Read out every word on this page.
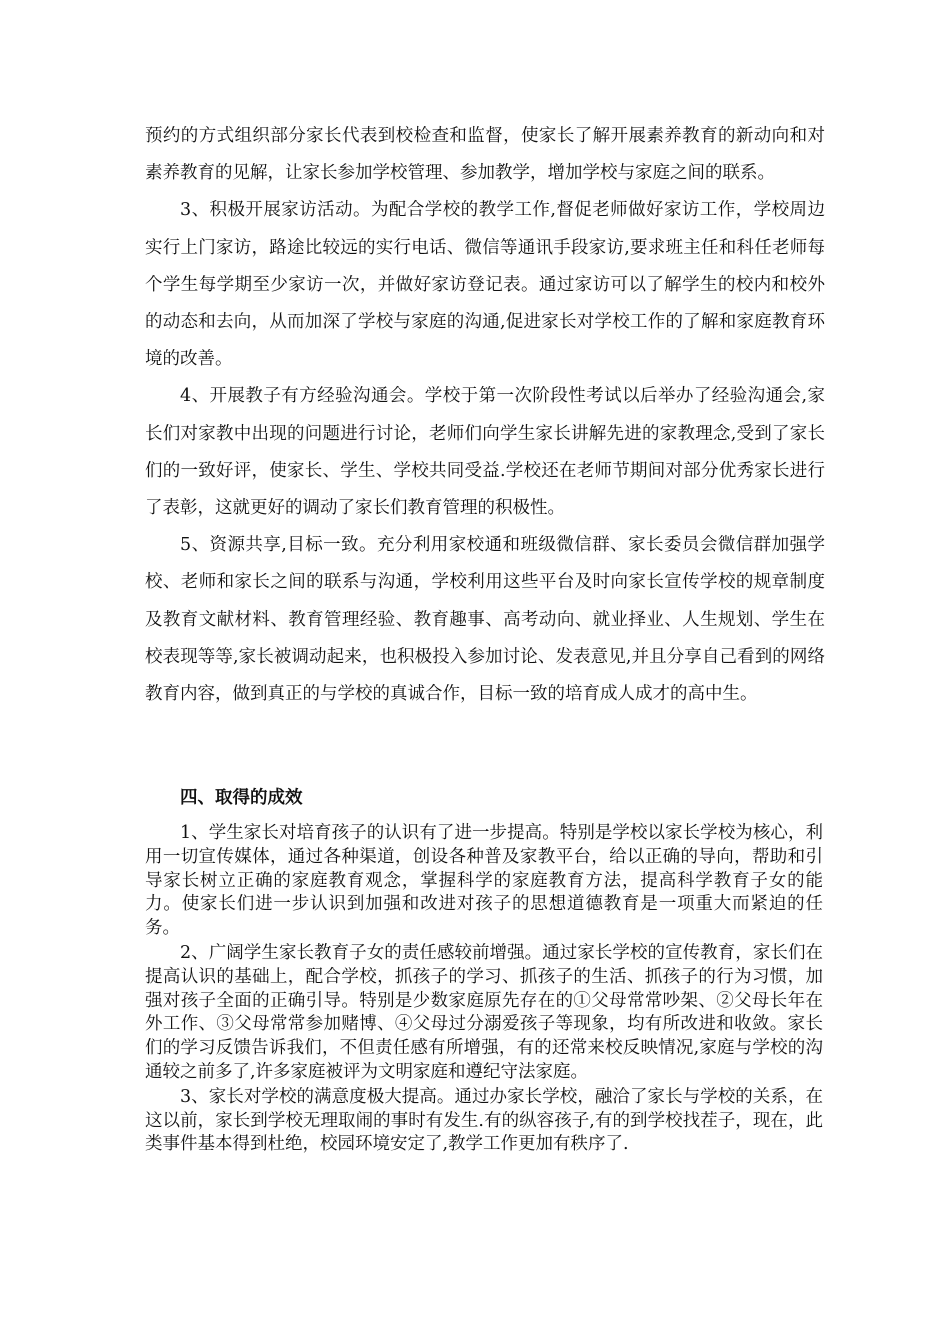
预约的方式组织部分家长代表到校检查和监督，使家长了解开展素养教育的新动向和对素养教育的见解，让家长参加学校管理、参加教学，增加学校与家庭之间的联系。

3、积极开展家访活动。为配合学校的教学工作,督促老师做好家访工作，学校周边实行上门家访，路途比较远的实行电话、微信等通讯手段家访,要求班主任和科任老师每个学生每学期至少家访一次，并做好家访登记表。通过家访可以了解学生的校内和校外的动态和去向，从而加深了学校与家庭的沟通,促进家长对学校工作的了解和家庭教育环境的改善。

4、开展教子有方经验沟通会。学校于第一次阶段性考试以后举办了经验沟通会,家长们对家教中出现的问题进行讨论，老师们向学生家长讲解先进的家教理念,受到了家长们的一致好评，使家长、学生、学校共同受益.学校还在老师节期间对部分优秀家长进行了表彰，这就更好的调动了家长们教育管理的积极性。

5、资源共享,目标一致。充分利用家校通和班级微信群、家长委员会微信群加强学校、老师和家长之间的联系与沟通，学校利用这些平台及时向家长宣传学校的规章制度及教育文献材料、教育管理经验、教育趣事、高考动向、就业择业、人生规划、学生在校表现等等,家长被调动起来，也积极投入参加讨论、发表意见,并且分享自己看到的网络教育内容，做到真正的与学校的真诚合作，目标一致的培育成人成才的高中生。

四、取得的成效

1、学生家长对培育孩子的认识有了进一步提高。特别是学校以家长学校为核心，利用一切宣传媒体，通过各种渠道，创设各种普及家教平台，给以正确的导向，帮助和引导家长树立正确的家庭教育观念，掌握科学的家庭教育方法，提高科学教育子女的能力。使家长们进一步认识到加强和改进对孩子的思想道德教育是一项重大而紧迫的任务。

2、广阔学生家长教育子女的责任感较前增强。通过家长学校的宣传教育，家长们在提高认识的基础上，配合学校，抓孩子的学习、抓孩子的生活、抓孩子的行为习惯，加强对孩子全面的正确引导。特别是少数家庭原先存在的①父母常常吵架、②父母长年在外工作、③父母常常参加赌博、④父母过分溺爱孩子等现象，均有所改进和收敛。家长们的学习反馈告诉我们，不但责任感有所增强，有的还常来校反映情况,家庭与学校的沟通较之前多了,许多家庭被评为文明家庭和遵纪守法家庭。

3、家长对学校的满意度极大提高。通过办家长学校，融洽了家长与学校的关系，在这以前，家长到学校无理取闹的事时有发生.有的纵容孩子,有的到学校找茬子，现在，此类事件基本得到杜绝，校园环境安定了,教学工作更加有秩序了.
